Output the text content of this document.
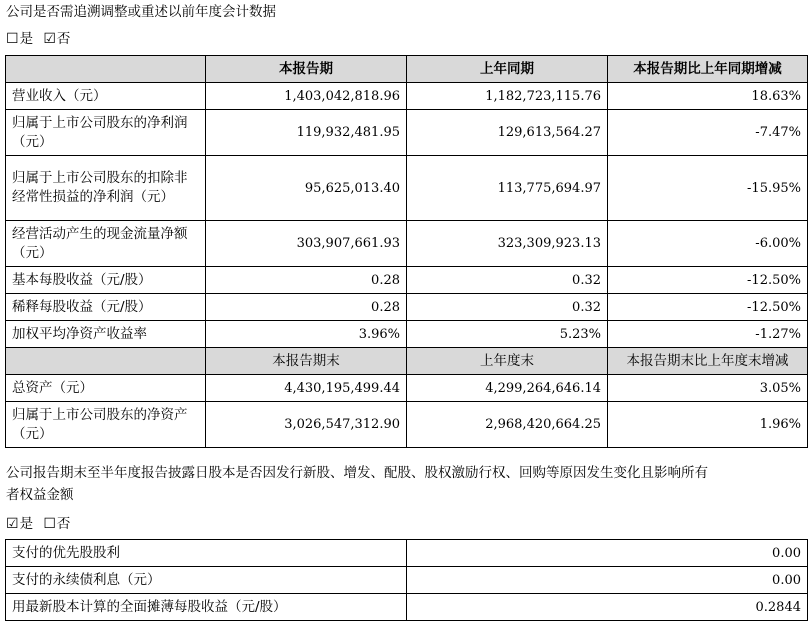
公司是否需追溯调整或重述以前年度会计数据
☐是 ☑否
	本报告期	上年同期	本报告期比上年同期增减
营业收入（元）	1,403,042,818.96	1,182,723,115.76	18.63%
归属于上市公司股东的净利润（元）	119,932,481.95	129,613,564.27	-7.47%
归属于上市公司股东的扣除非经常性损益的净利润（元）	95,625,013.40	113,775,694.97	-15.95%
经营活动产生的现金流量净额（元）	303,907,661.93	323,309,923.13	-6.00%
基本每股收益（元/股）	0.28	0.32	-12.50%
稀释每股收益（元/股）	0.28	0.32	-12.50%
加权平均净资产收益率	3.96%	5.23%	-1.27%
	本报告期末	上年度末	本报告期末比上年度末增减
总资产（元）	4,430,195,499.44	4,299,264,646.14	3.05%
归属于上市公司股东的净资产（元）	3,026,547,312.90	2,968,420,664.25	1.96%
公司报告期末至半年度报告披露日股本是否因发行新股、增发、配股、股权激励行权、回购等原因发生变化且影响所有
者权益金额
☑是 ☐否
支付的优先股股利	0.00
支付的永续债利息（元）	0.00
用最新股本计算的全面摊薄每股收益（元/股）	0.2844
